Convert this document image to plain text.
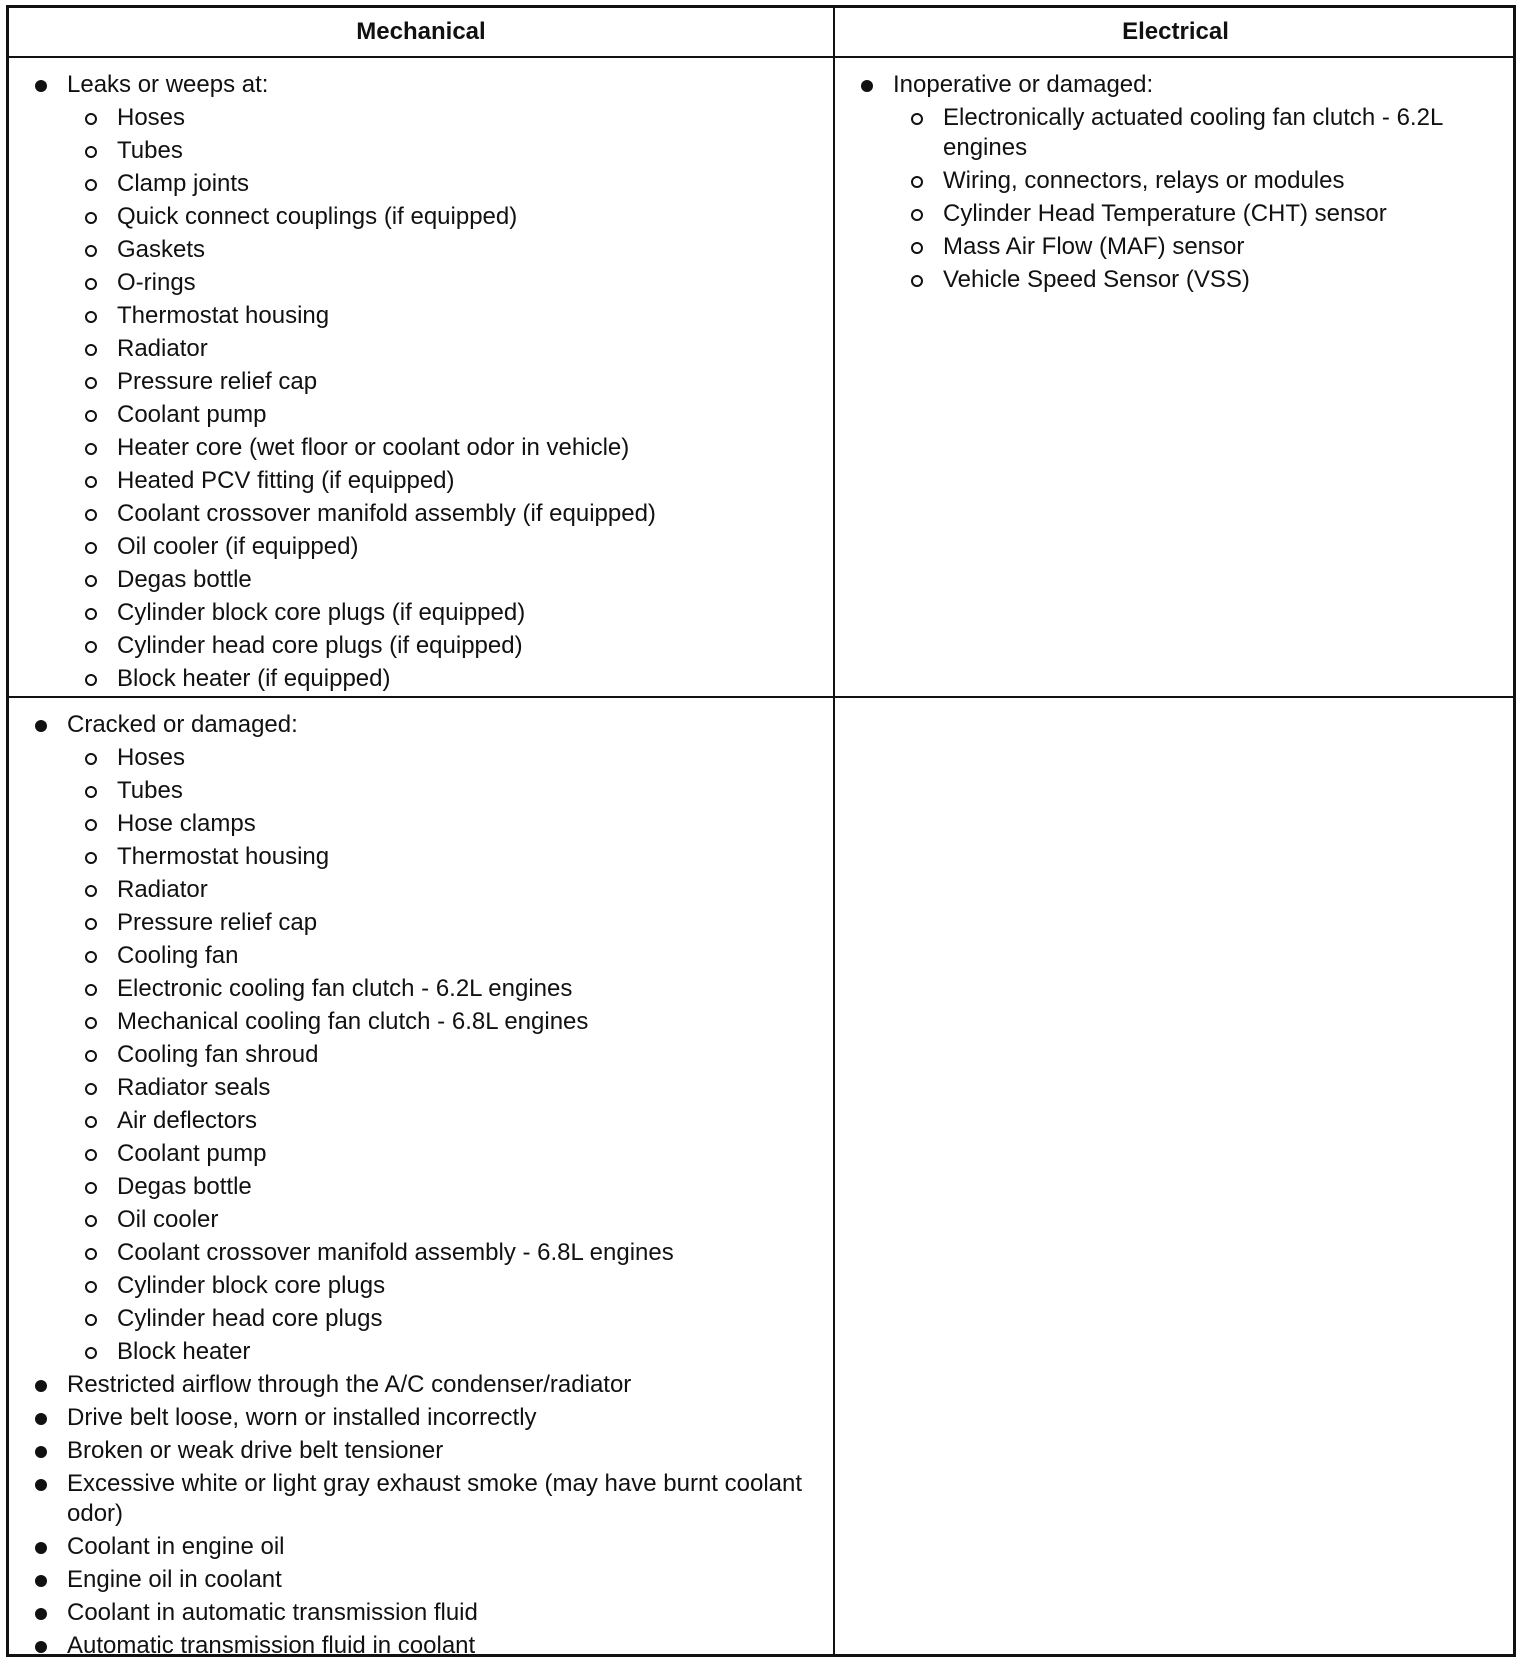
Mechanical	Electrical
Leaks or weeps at:
Hoses
Tubes
Clamp joints
Quick connect couplings (if equipped)
Gaskets
O-rings
Thermostat housing
Radiator
Pressure relief cap
Coolant pump
Heater core (wet floor or coolant odor in vehicle)
Heated PCV fitting (if equipped)
Coolant crossover manifold assembly (if equipped)
Oil cooler (if equipped)
Degas bottle
Cylinder block core plugs (if equipped)
Cylinder head core plugs (if equipped)
Block heater (if equipped)
Inoperative or damaged:
Electronically actuated cooling fan clutch - 6.2L engines
Wiring, connectors, relays or modules
Cylinder Head Temperature (CHT) sensor
Mass Air Flow (MAF) sensor
Vehicle Speed Sensor (VSS)
Cracked or damaged:
Hoses
Tubes
Hose clamps
Thermostat housing
Radiator
Pressure relief cap
Cooling fan
Electronic cooling fan clutch - 6.2L engines
Mechanical cooling fan clutch - 6.8L engines
Cooling fan shroud
Radiator seals
Air deflectors
Coolant pump
Degas bottle
Oil cooler
Coolant crossover manifold assembly - 6.8L engines
Cylinder block core plugs
Cylinder head core plugs
Block heater
Restricted airflow through the A/C condenser/radiator
Drive belt loose, worn or installed incorrectly
Broken or weak drive belt tensioner
Excessive white or light gray exhaust smoke (may have burnt coolant odor)
Coolant in engine oil
Engine oil in coolant
Coolant in automatic transmission fluid
Automatic transmission fluid in coolant
